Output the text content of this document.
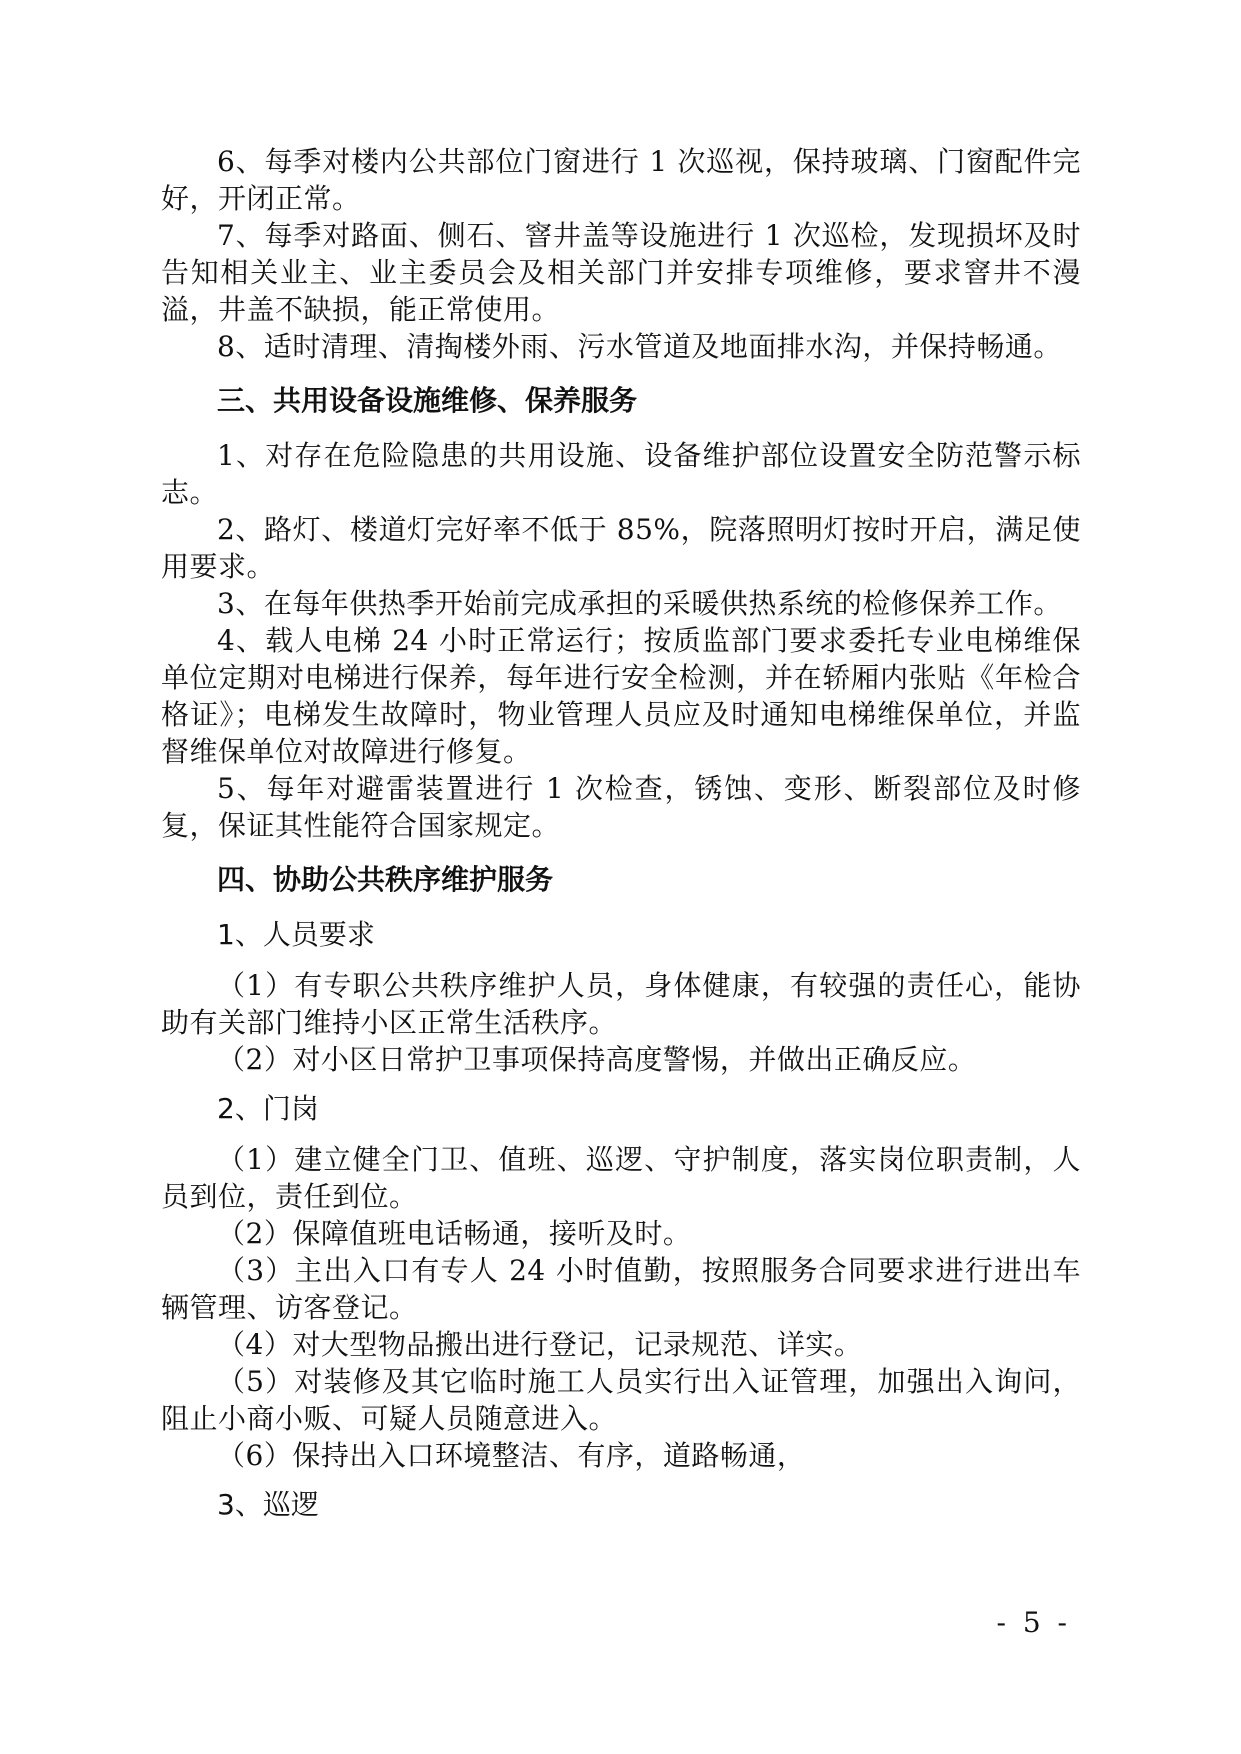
6、每季对楼内公共部位门窗进行 1 次巡视，保持玻璃、门窗配件完好，开闭正常。

7、每季对路面、侧石、窨井盖等设施进行 1 次巡检，发现损坏及时告知相关业主、业主委员会及相关部门并安排专项维修，要求窨井不漫溢，井盖不缺损，能正常使用。

8、适时清理、清掏楼外雨、污水管道及地面排水沟，并保持畅通。

三、共用设备设施维修、保养服务

1、对存在危险隐患的共用设施、设备维护部位设置安全防范警示标志。

2、路灯、楼道灯完好率不低于 85%，院落照明灯按时开启，满足使用要求。

3、在每年供热季开始前完成承担的采暖供热系统的检修保养工作。

4、载人电梯 24 小时正常运行；按质监部门要求委托专业电梯维保单位定期对电梯进行保养，每年进行安全检测，并在轿厢内张贴《年检合格证》；电梯发生故障时，物业管理人员应及时通知电梯维保单位，并监督维保单位对故障进行修复。

5、每年对避雷装置进行 1 次检查，锈蚀、变形、断裂部位及时修复，保证其性能符合国家规定。

四、协助公共秩序维护服务
1、人员要求

（1）有专职公共秩序维护人员，身体健康，有较强的责任心，能协助有关部门维持小区正常生活秩序。

（2）对小区日常护卫事项保持高度警惕，并做出正确反应。

2、门岗

（1）建立健全门卫、值班、巡逻、守护制度，落实岗位职责制，人员到位，责任到位。

（2）保障值班电话畅通，接听及时。

（3）主出入口有专人 24 小时值勤，按照服务合同要求进行进出车辆管理、访客登记。

（4）对大型物品搬出进行登记，记录规范、详实。

（5）对装修及其它临时施工人员实行出入证管理，加强出入询问，阻止小商小贩、可疑人员随意进入。

（6）保持出入口环境整洁、有序，道路畅通，

3、巡逻
- 5 -
